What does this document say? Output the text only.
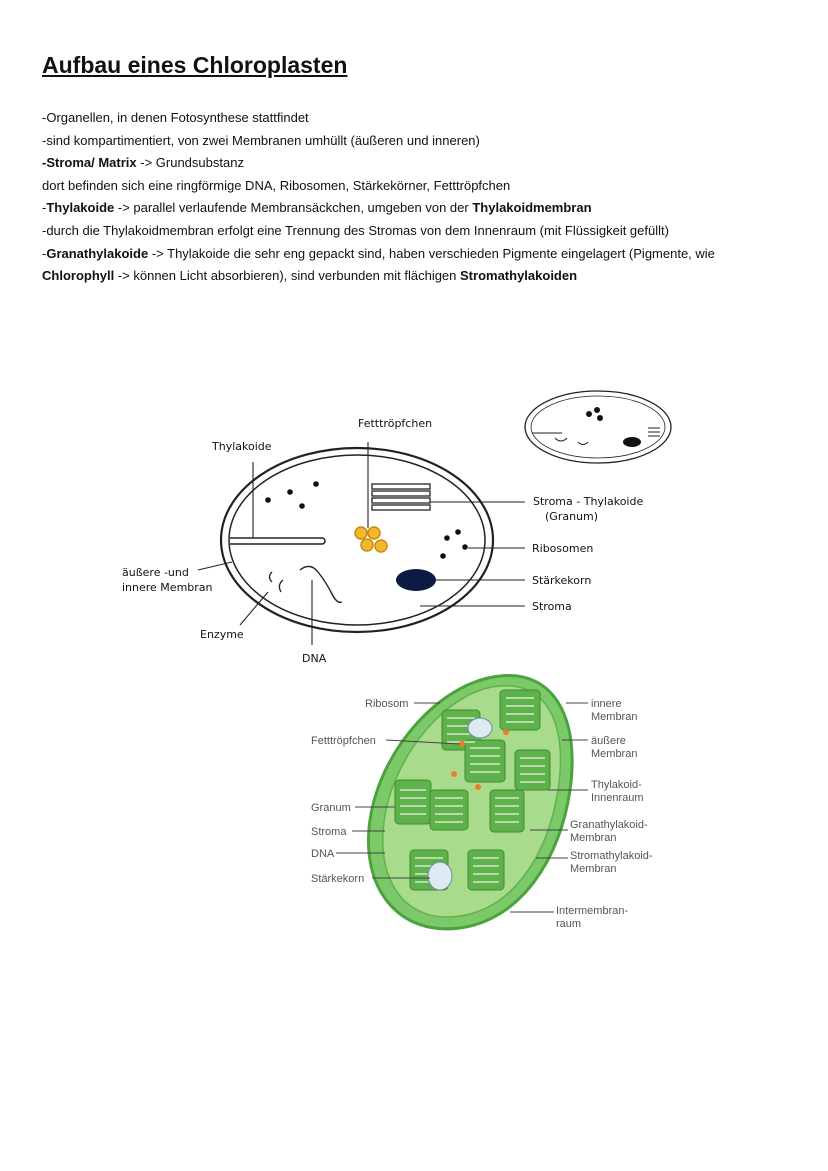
Aufbau eines Chloroplasten

-Organellen, in denen Fotosynthese stattfindet

-sind kompartimentiert, von zwei Membranen umhüllt (äußeren und inneren)

-Stroma/ Matrix -> Grundsubstanz

dort befinden sich eine ringförmige DNA, Ribosomen, Stärkekörner, Fetttröpfchen

-Thylakoide -> parallel verlaufende Membransäckchen, umgeben von der Thylakoidmembran

-durch die Thylakoidmembran erfolgt eine Trennung des Stromas von dem Innenraum (mit Flüssigkeit gefüllt)

-Granathylakoide -> Thylakoide die sehr eng gepackt sind, haben verschieden Pigmente eingelagert (Pigmente, wie

Chlorophyll -> können Licht absorbieren), sind verbunden mit flächigen Stromathylakoiden

Fetttröpfchen
Thylakoide
Stroma - Thylakoide
(Granum)
Ribosomen
äußere -und
innere Membran
Stärkekorn
Stroma
Enzyme
DNA
Ribosom
Fetttröpfchen
Granum
Stroma
DNA
Stärkekorn
innere
Membran
äußere
Membran
Thylakoid-
Innenraum
Granathylakoid-
Membran
Stromathylakoid-
Membran
Intermembran-
raum
